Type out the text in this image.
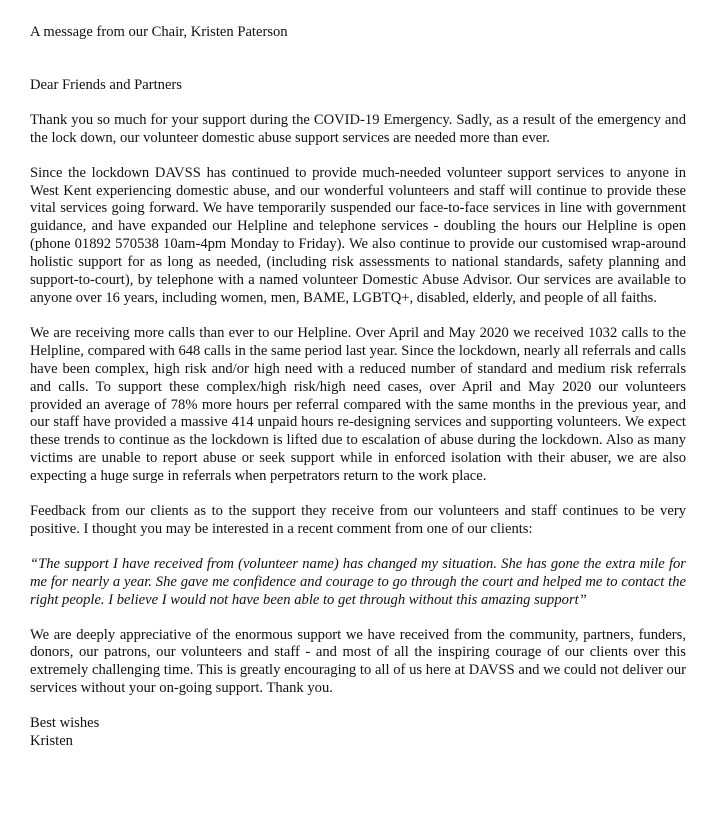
A message from our Chair, Kristen Paterson
Dear Friends and Partners

Thank you so much for your support during the COVID-19 Emergency. Sadly, as a result of the emergency and the lock down, our volunteer domestic abuse support services are needed more than ever.

Since the lockdown DAVSS has continued to provide much-needed volunteer support services to anyone in West Kent experiencing domestic abuse, and our wonderful volunteers and staff will continue to provide these vital services going forward. We have temporarily suspended our face-to-face services in line with government guidance, and have expanded our Helpline and telephone services - doubling the hours our Helpline is open (phone 01892 570538 10am-4pm Monday to Friday). We also continue to provide our customised wrap-around holistic support for as long as needed, (including risk assessments to national standards, safety planning and support-to-court), by telephone with a named volunteer Domestic Abuse Advisor. Our services are available to anyone over 16 years, including women, men, BAME, LGBTQ+, disabled, elderly, and people of all faiths.

We are receiving more calls than ever to our Helpline. Over April and May 2020 we received 1032 calls to the Helpline, compared with 648 calls in the same period last year. Since the lockdown, nearly all referrals and calls have been complex, high risk and/or high need with a reduced number of standard and medium risk referrals and calls. To support these complex/high risk/high need cases, over April and May 2020 our volunteers provided an average of 78% more hours per referral compared with the same months in the previous year, and our staff have provided a massive 414 unpaid hours re-designing services and supporting volunteers. We expect these trends to continue as the lockdown is lifted due to escalation of abuse during the lockdown. Also as many victims are unable to report abuse or seek support while in enforced isolation with their abuser, we are also expecting a huge surge in referrals when perpetrators return to the work place.

Feedback from our clients as to the support they receive from our volunteers and staff continues to be very positive. I thought you may be interested in a recent comment from one of our clients:

“The support I have received from (volunteer name) has changed my situation. She has gone the extra mile for me for nearly a year. She gave me confidence and courage to go through the court and helped me to contact the right people. I believe I would not have been able to get through without this amazing support”

We are deeply appreciative of the enormous support we have received from the community, partners, funders, donors, our patrons, our volunteers and staff - and most of all the inspiring courage of our clients over this extremely challenging time. This is greatly encouraging to all of us here at DAVSS and we could not deliver our services without your on-going support. Thank you.

Best wishes
Kristen
